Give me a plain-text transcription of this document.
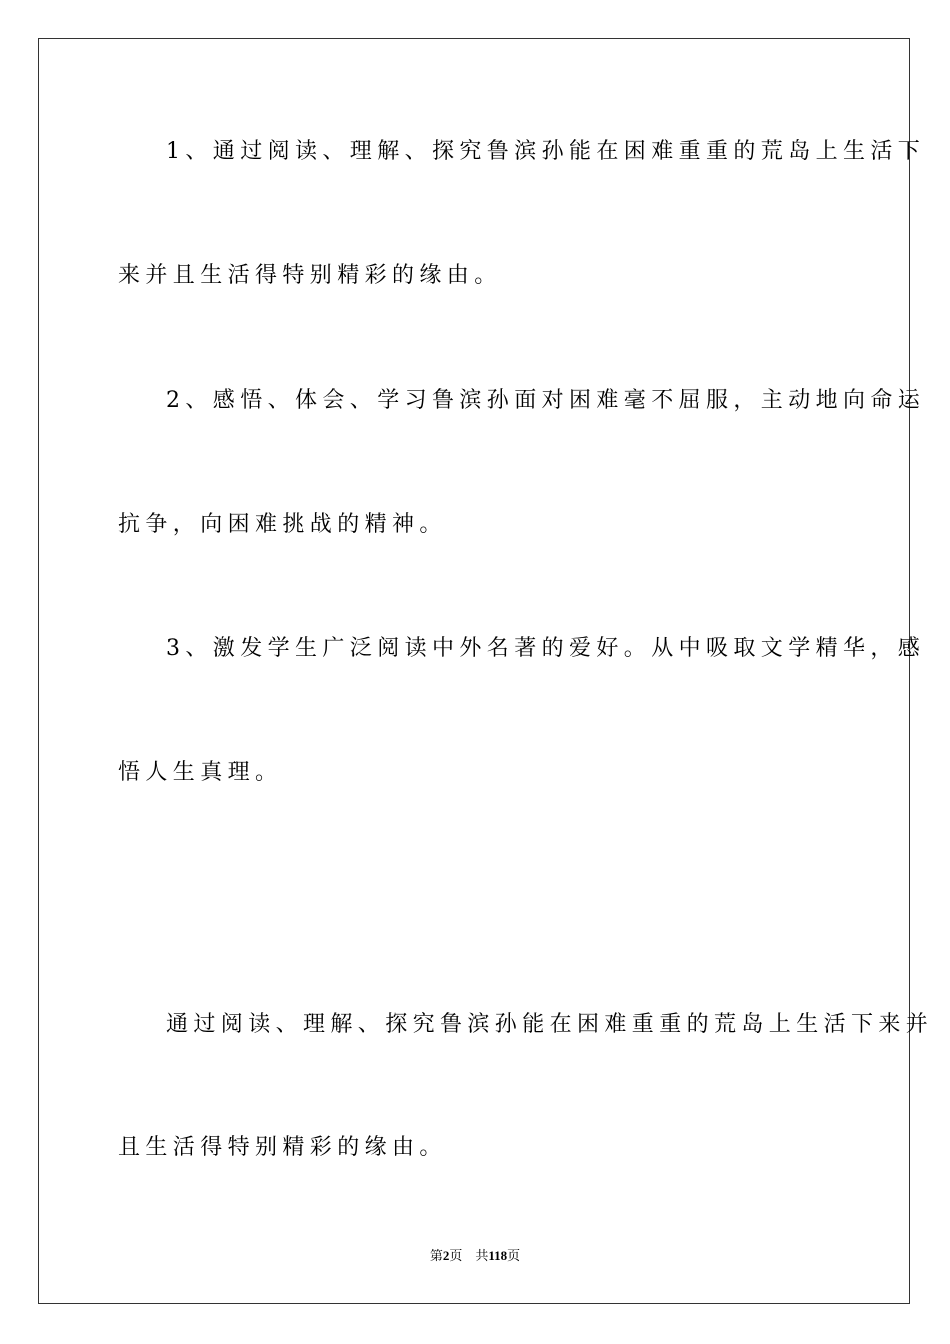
1、通过阅读、理解、探究鲁滨孙能在困难重重的荒岛上生活下
来并且生活得特别精彩的缘由。
2、感悟、体会、学习鲁滨孙面对困难毫不屈服，主动地向命运
抗争，向困难挑战的精神。
3、激发学生广泛阅读中外名著的爱好。从中吸取文学精华，感
悟人生真理。
通过阅读、理解、探究鲁滨孙能在困难重重的荒岛上生活下来并
且生活得特别精彩的缘由。
第2页　共118页
